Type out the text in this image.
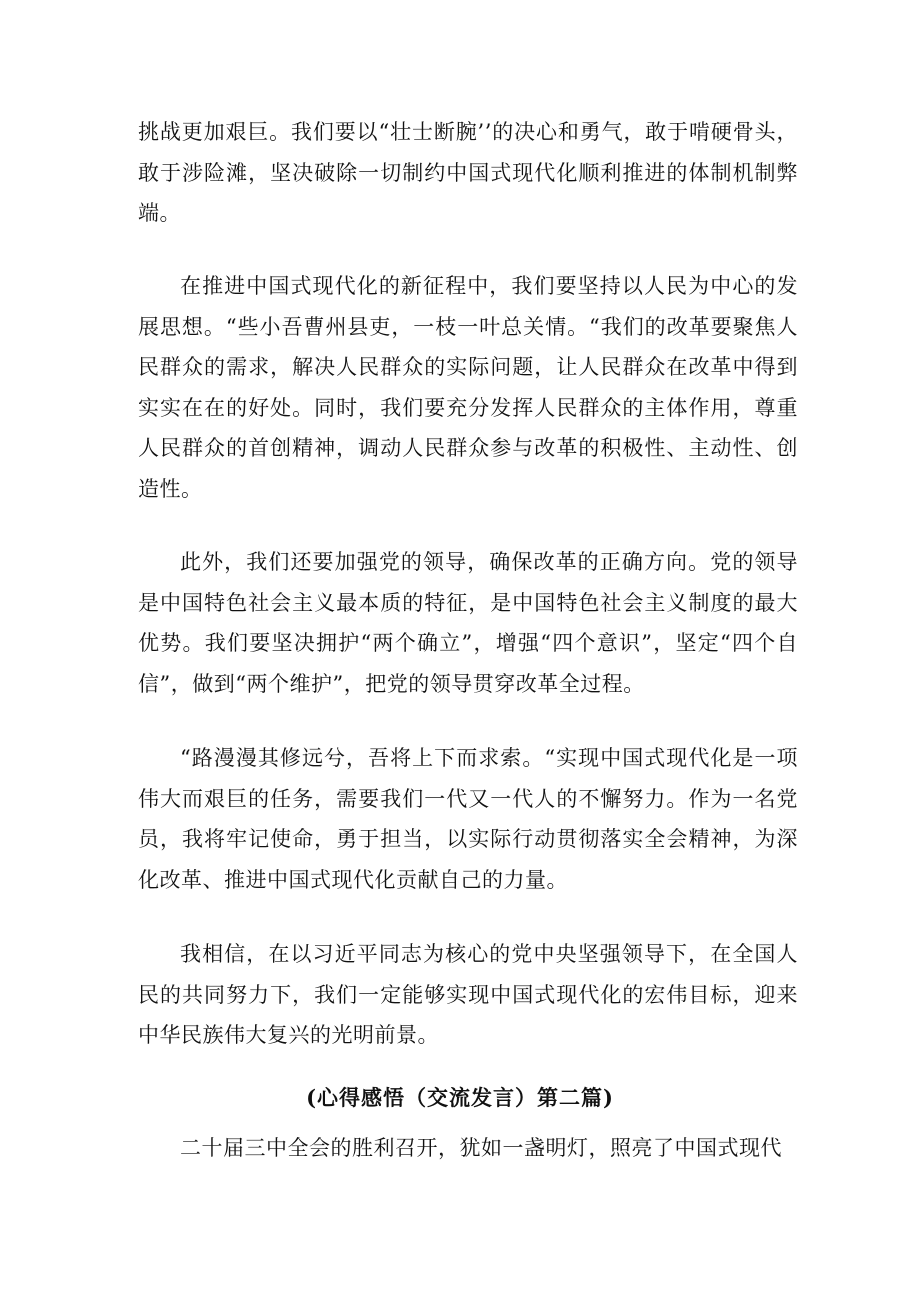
挑战更加艰巨。我们要以“壮士断腕’’的决心和勇气，敢于啃硬骨头，敢于涉险滩，坚决破除一切制约中国式现代化顺利推进的体制机制弊端。

在推进中国式现代化的新征程中，我们要坚持以人民为中心的发展思想。“些小吾曹州县吏，一枝一叶总关情。“我们的改革要聚焦人民群众的需求，解决人民群众的实际问题，让人民群众在改革中得到实实在在的好处。同时，我们要充分发挥人民群众的主体作用，尊重人民群众的首创精神，调动人民群众参与改革的积极性、主动性、创造性。

此外，我们还要加强党的领导，确保改革的正确方向。党的领导是中国特色社会主义最本质的特征，是中国特色社会主义制度的最大优势。我们要坚决拥护“两个确立”，增强“四个意识”，坚定“四个自信”，做到“两个维护”，把党的领导贯穿改革全过程。

“路漫漫其修远兮，吾将上下而求索。“实现中国式现代化是一项伟大而艰巨的任务，需要我们一代又一代人的不懈努力。作为一名党员，我将牢记使命，勇于担当，以实际行动贯彻落实全会精神，为深化改革、推进中国式现代化贡献自己的力量。

我相信，在以习近平同志为核心的党中央坚强领导下，在全国人民的共同努力下，我们一定能够实现中国式现代化的宏伟目标，迎来中华民族伟大复兴的光明前景。

(心得感悟（交流发言）第二篇)

二十届三中全会的胜利召开，犹如一盏明灯，照亮了中国式现代
